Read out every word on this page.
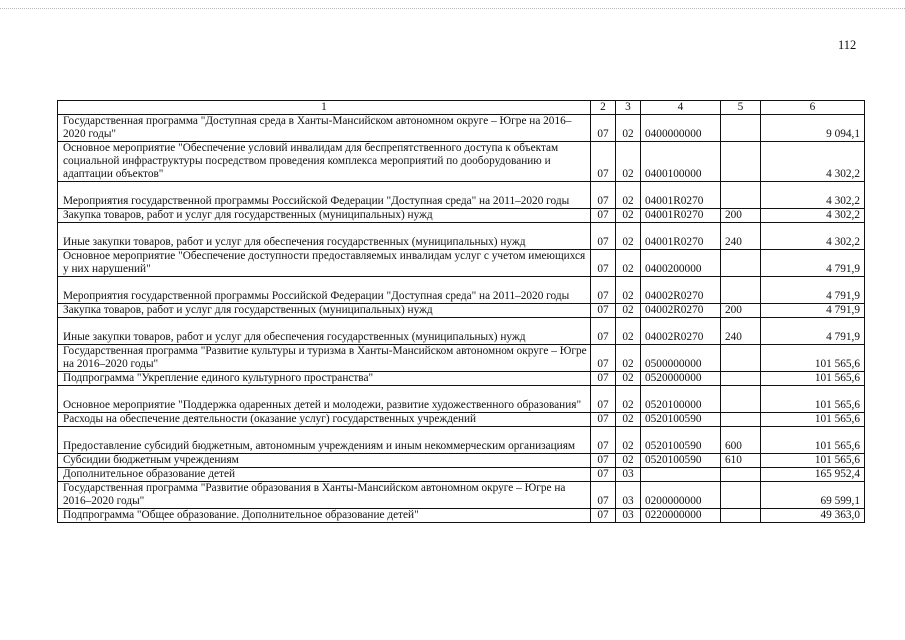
112
1	2	3	4	5	6
Государственная программа "Доступная среда в Ханты-Мансийском автономном округе – Югре на 2016–2020 годы"	07	02	0400000000		9 094,1
Основное мероприятие "Обеспечение условий инвалидам для беспрепятственного доступа к объектам социальной инфраструктуры посредством проведения комплекса мероприятий по дооборудованию и адаптации объектов"	07	02	0400100000		4 302,2
Мероприятия государственной программы Российской Федерации "Доступная среда" на 2011–2020 годы	07	02	04001R0270		4 302,2
Закупка товаров, работ и услуг для государственных (муниципальных) нужд	07	02	04001R0270	200	4 302,2
Иные закупки товаров, работ и услуг для обеспечения государственных (муниципальных) нужд	07	02	04001R0270	240	4 302,2
Основное мероприятие "Обеспечение доступности предоставляемых инвалидам услуг с учетом имеющихся у них нарушений"	07	02	0400200000		4 791,9
Мероприятия государственной программы Российской Федерации "Доступная среда" на 2011–2020 годы	07	02	04002R0270		4 791,9
Закупка товаров, работ и услуг для государственных (муниципальных) нужд	07	02	04002R0270	200	4 791,9
Иные закупки товаров, работ и услуг для обеспечения государственных (муниципальных) нужд	07	02	04002R0270	240	4 791,9
Государственная программа "Развитие культуры и туризма в Ханты-Мансийском автономном округе – Югре на 2016–2020 годы"	07	02	0500000000		101 565,6
Подпрограмма "Укрепление единого культурного пространства"	07	02	0520000000		101 565,6
Основное мероприятие "Поддержка одаренных детей и молодежи, развитие художественного образования"	07	02	0520100000		101 565,6
Расходы на обеспечение деятельности (оказание услуг) государственных учреждений	07	02	0520100590		101 565,6
Предоставление субсидий бюджетным, автономным учреждениям и иным некоммерческим организациям	07	02	0520100590	600	101 565,6
Субсидии бюджетным учреждениям	07	02	0520100590	610	101 565,6
Дополнительное образование детей	07	03			165 952,4
Государственная программа "Развитие образования в Ханты-Мансийском автономном округе – Югре на 2016–2020 годы"	07	03	0200000000		69 599,1
Подпрограмма "Общее образование. Дополнительное образование детей"	07	03	0220000000		49 363,0
